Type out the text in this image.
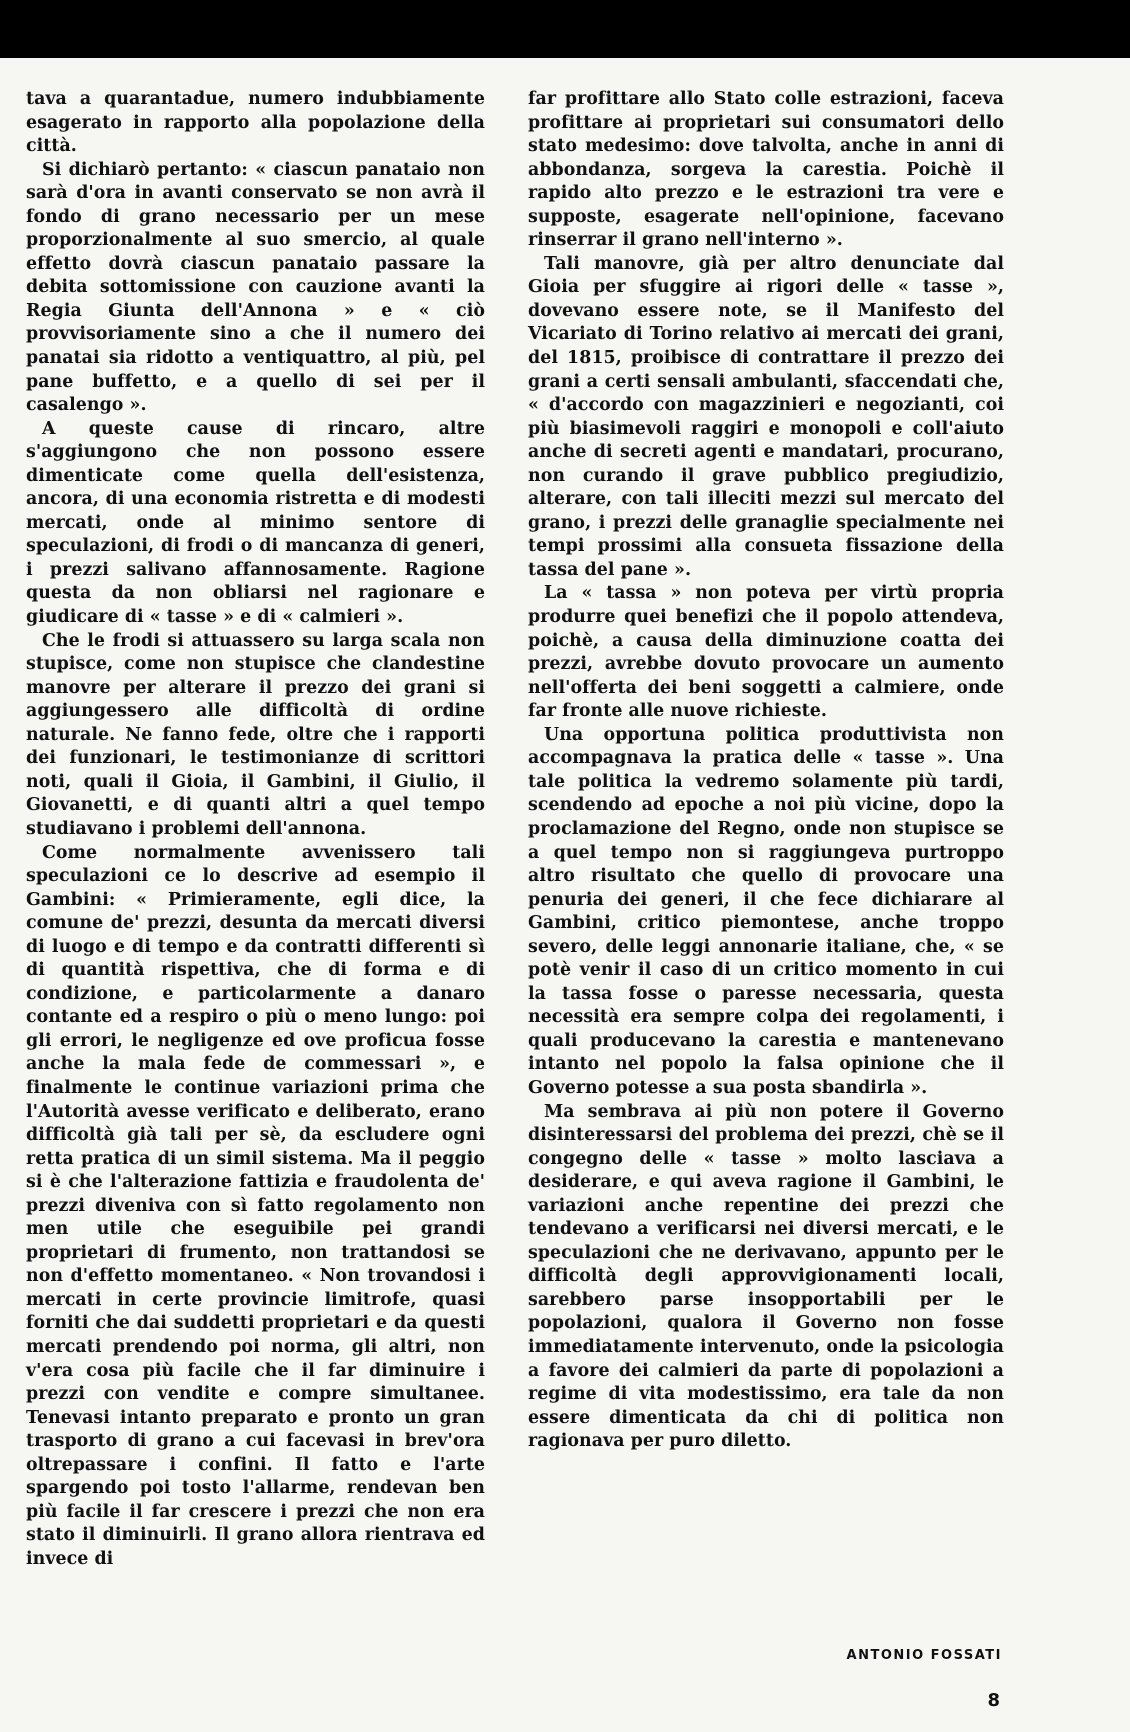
tava a quarantadue, numero indubbiamente esagerato in rapporto alla popolazione della città.

Si dichiarò pertanto: « ciascun panataio non sarà d'ora in avanti conservato se non avrà il fondo di grano necessario per un mese proporzionalmente al suo smercio, al quale effetto dovrà ciascun panataio passare la debita sottomissione con cauzione avanti la Regia Giunta dell'Annona » e « ciò provvisoriamente sino a che il numero dei panatai sia ridotto a ventiquattro, al più, pel pane buffetto, e a quello di sei per il casalengo ».

A queste cause di rincaro, altre s'aggiungono che non possono essere dimenticate come quella dell'esistenza, ancora, di una economia ristretta e di modesti mercati, onde al minimo sentore di speculazioni, di frodi o di mancanza di generi, i prezzi salivano affannosamente. Ragione questa da non obliarsi nel ragionare e giudicare di « tasse » e di « calmieri ».

Che le frodi si attuassero su larga scala non stupisce, come non stupisce che clandestine manovre per alterare il prezzo dei grani si aggiungessero alle difficoltà di ordine naturale. Ne fanno fede, oltre che i rapporti dei funzionari, le testimonianze di scrittori noti, quali il Gioia, il Gambini, il Giulio, il Giovanetti, e di quanti altri a quel tempo studiavano i problemi dell'annona.

Come normalmente avvenissero tali speculazioni ce lo descrive ad esempio il Gambini: « Primieramente, egli dice, la comune de' prezzi, desunta da mercati diversi di luogo e di tempo e da contratti differenti sì di quantità rispettiva, che di forma e di condizione, e particolarmente a danaro contante ed a respiro o più o meno lungo: poi gli errori, le negligenze ed ove proficua fosse anche la mala fede de commessari », e finalmente le continue variazioni prima che l'Autorità avesse verificato e deliberato, erano difficoltà già tali per sè, da escludere ogni retta pratica di un simil sistema. Ma il peggio si è che l'alterazione fattizia e fraudolenta de' prezzi diveniva con sì fatto regolamento non men utile che eseguibile pei grandi proprietari di frumento, non trattandosi se non d'effetto momentaneo. « Non trovandosi i mercati in certe provincie limitrofe, quasi forniti che dai suddetti proprietari e da questi mercati prendendo poi norma, gli altri, non v'era cosa più facile che il far diminuire i prezzi con vendite e compre simultanee. Tenevasi intanto preparato e pronto un gran trasporto di grano a cui facevasi in brev'ora oltrepassare i confini. Il fatto e l'arte spargendo poi tosto l'allarme, rendevan ben più facile il far crescere i prezzi che non era stato il diminuirli. Il grano allora rientrava ed invece di

far profittare allo Stato colle estrazioni, faceva profittare ai proprietari sui consumatori dello stato medesimo: dove talvolta, anche in anni di abbondanza, sorgeva la carestia. Poichè il rapido alto prezzo e le estrazioni tra vere e supposte, esagerate nell'opinione, facevano rinserrar il grano nell'interno ».

Tali manovre, già per altro denunciate dal Gioia per sfuggire ai rigori delle « tasse », dovevano essere note, se il Manifesto del Vicariato di Torino relativo ai mercati dei grani, del 1815, proibisce di contrattare il prezzo dei grani a certi sensali ambulanti, sfaccendati che, « d'accordo con magazzinieri e negozianti, coi più biasimevoli raggiri e monopoli e coll'aiuto anche di secreti agenti e mandatari, procurano, non curando il grave pubblico pregiudizio, alterare, con tali illeciti mezzi sul mercato del grano, i prezzi delle granaglie specialmente nei tempi prossimi alla consueta fissazione della tassa del pane ».

La « tassa » non poteva per virtù propria produrre quei benefizi che il popolo attendeva, poichè, a causa della diminuzione coatta dei prezzi, avrebbe dovuto provocare un aumento nell'offerta dei beni soggetti a calmiere, onde far fronte alle nuove richieste.

Una opportuna politica produttivista non accompagnava la pratica delle « tasse ». Una tale politica la vedremo solamente più tardi, scendendo ad epoche a noi più vicine, dopo la proclamazione del Regno, onde non stupisce se a quel tempo non si raggiungeva purtroppo altro risultato che quello di provocare una penuria dei generi, il che fece dichiarare al Gambini, critico piemontese, anche troppo severo, delle leggi annonarie italiane, che, « se potè venir il caso di un critico momento in cui la tassa fosse o paresse necessaria, questa necessità era sempre colpa dei regolamenti, i quali producevano la carestia e mantenevano intanto nel popolo la falsa opinione che il Governo potesse a sua posta sbandirla ».

Ma sembrava ai più non potere il Governo disinteressarsi del problema dei prezzi, chè se il congegno delle « tasse » molto lasciava a desiderare, e qui aveva ragione il Gambini, le variazioni anche repentine dei prezzi che tendevano a verificarsi nei diversi mercati, e le speculazioni che ne derivavano, appunto per le difficoltà degli approvvigionamenti locali, sarebbero parse insopportabili per le popolazioni, qualora il Governo non fosse immediatamente intervenuto, onde la psicologia a favore dei calmieri da parte di popolazioni a regime di vita modestissimo, era tale da non essere dimenticata da chi di politica non ragionava per puro diletto.

ANTONIO FOSSATI
8
